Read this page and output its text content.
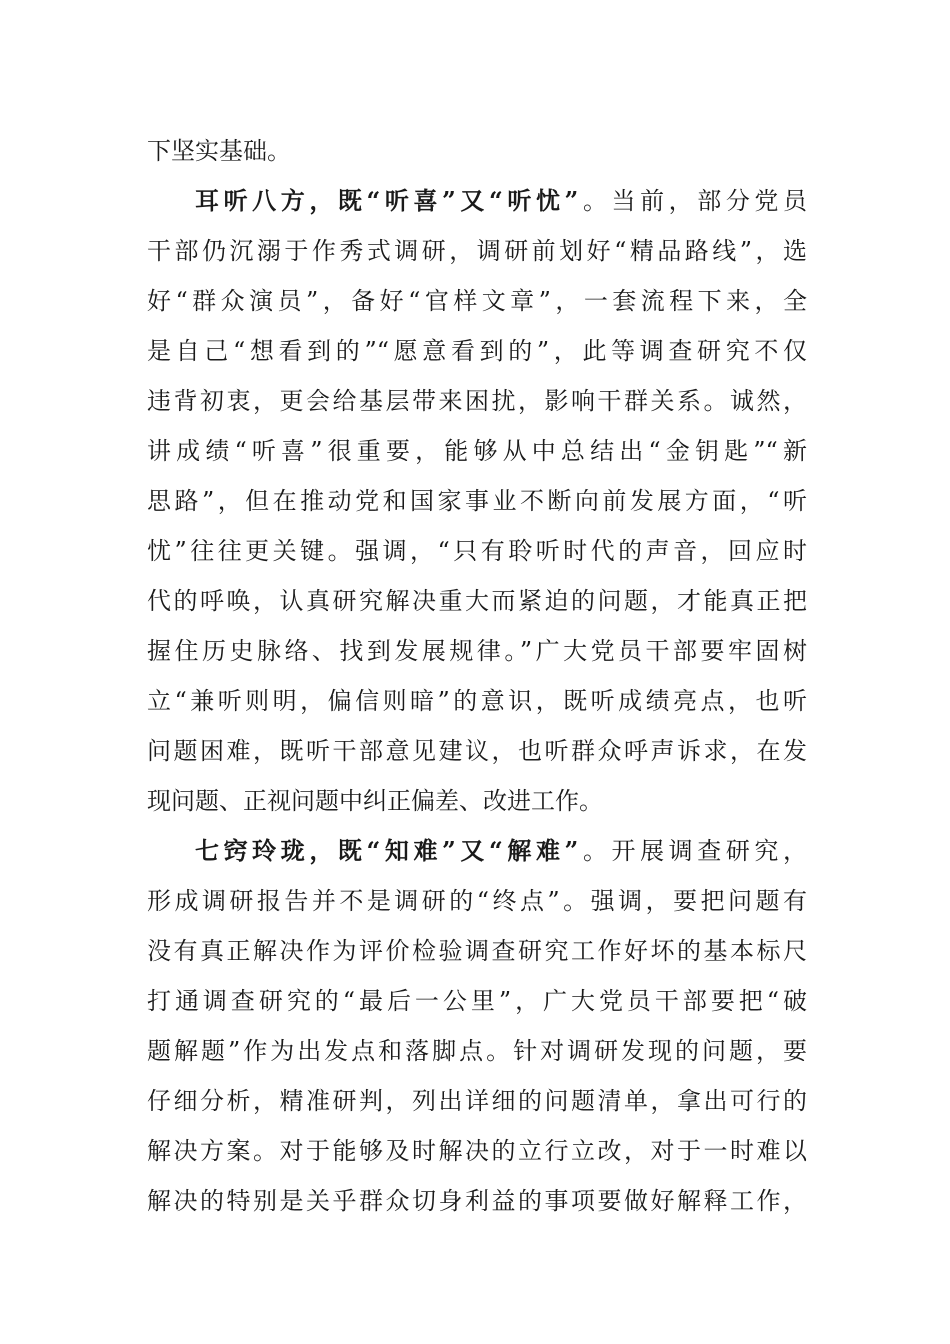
下坚实基础。
耳听八方，既“听喜”又“听忧”。当前，部分党员
干部仍沉溺于作秀式调研，调研前划好“精品路线”，选
好“群众演员”，备好“官样文章”，一套流程下来，全
是自己“想看到的”“愿意看到的”，此等调查研究不仅
违背初衷，更会给基层带来困扰，影响干群关系。诚然，
讲成绩“听喜”很重要，能够从中总结出“金钥匙”“新
思路”，但在推动党和国家事业不断向前发展方面，“听
忧”往往更关键。强调，“只有聆听时代的声音，回应时
代的呼唤，认真研究解决重大而紧迫的问题，才能真正把
握住历史脉络、找到发展规律。”广大党员干部要牢固树
立“兼听则明，偏信则暗”的意识，既听成绩亮点，也听
问题困难，既听干部意见建议，也听群众呼声诉求，在发
现问题、正视问题中纠正偏差、改进工作。
七窍玲珑，既“知难”又“解难”。开展调查研究，
形成调研报告并不是调研的“终点”。强调，要把问题有
没有真正解决作为评价检验调查研究工作好坏的基本标尺
打通调查研究的“最后一公里”，广大党员干部要把“破
题解题”作为出发点和落脚点。针对调研发现的问题，要
仔细分析，精准研判，列出详细的问题清单，拿出可行的
解决方案。对于能够及时解决的立行立改，对于一时难以
解决的特别是关乎群众切身利益的事项要做好解释工作，
